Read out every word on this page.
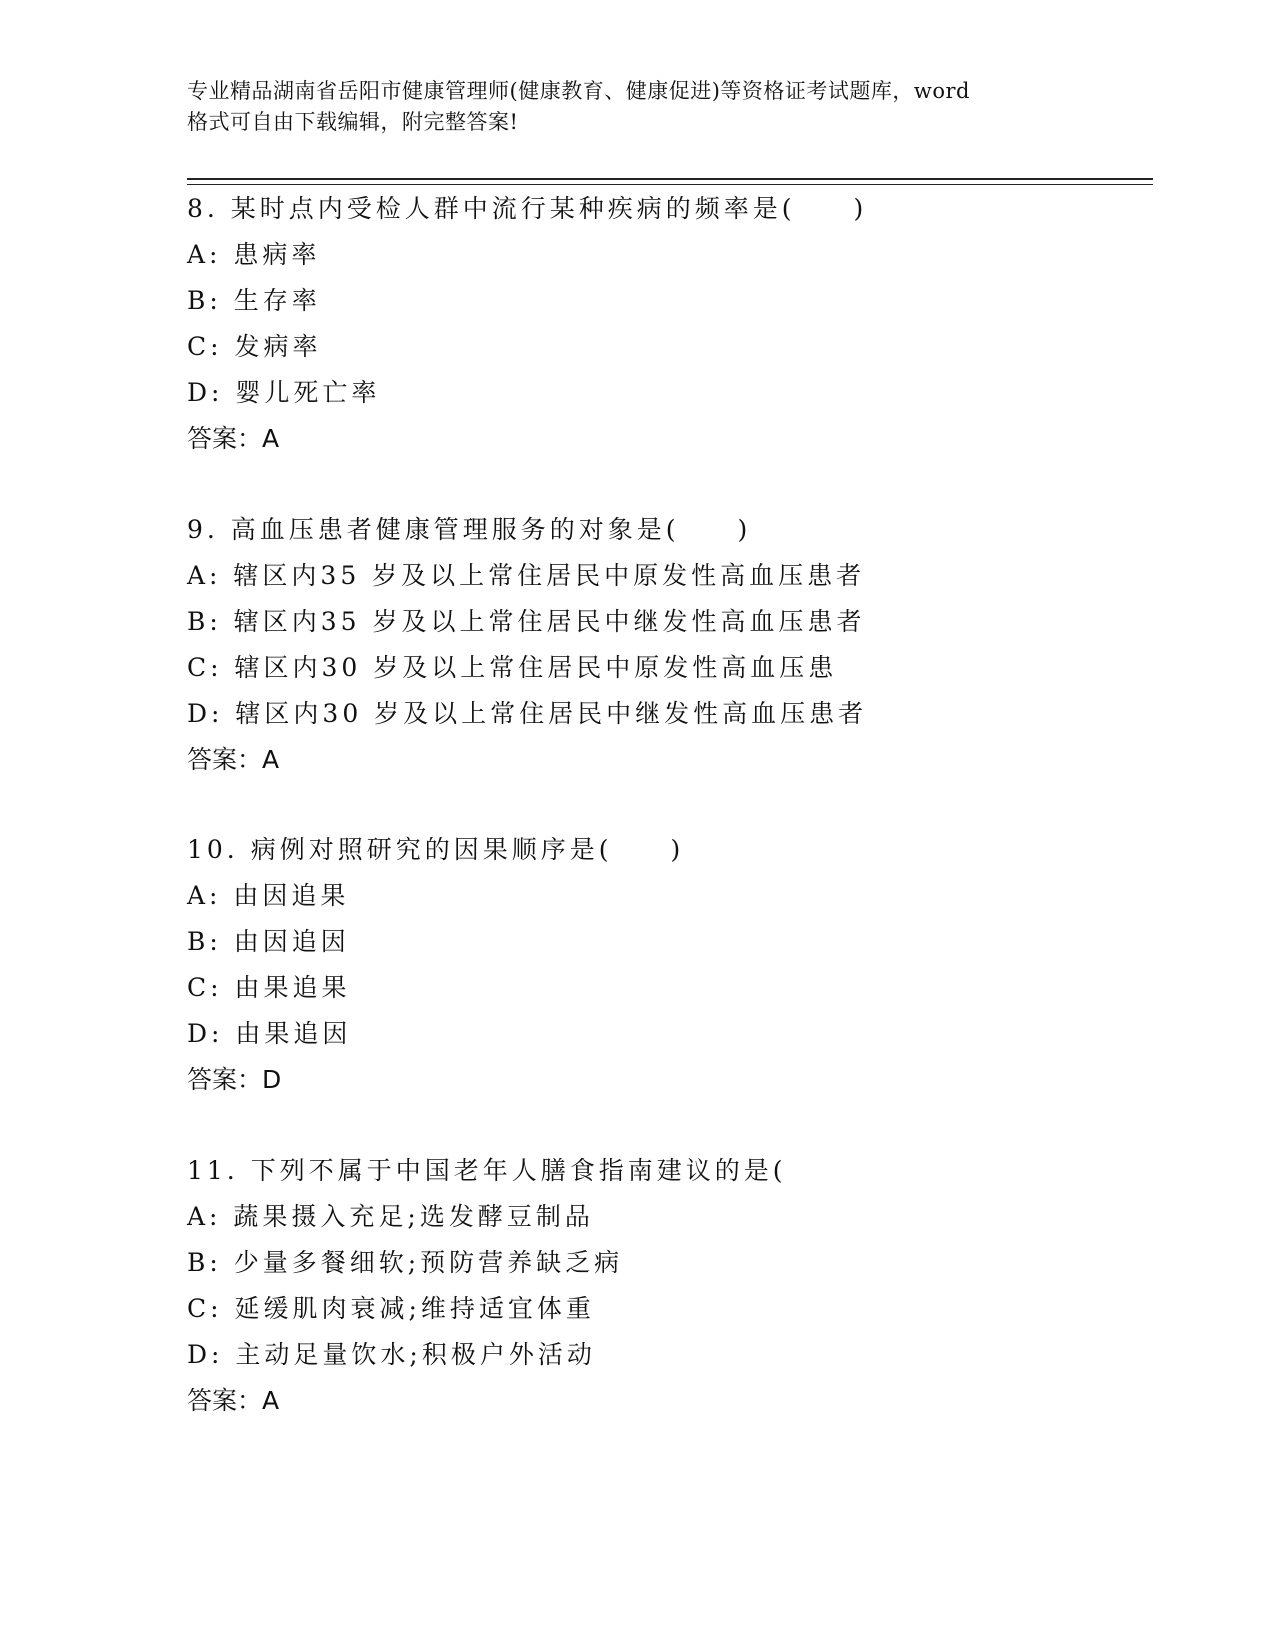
专业精品湖南省岳阳市健康管理师(健康教育、健康促进)等资格证考试题库，word
格式可自由下载编辑，附完整答案!
8. 某时点内受检人群中流行某种疾病的频率是(　　)
A: 患病率
B: 生存率
C: 发病率
D: 婴儿死亡率
答案：A
9. 高血压患者健康管理服务的对象是(　　)
A: 辖区内35 岁及以上常住居民中原发性高血压患者
B: 辖区内35 岁及以上常住居民中继发性高血压患者
C: 辖区内30 岁及以上常住居民中原发性高血压患
D: 辖区内30 岁及以上常住居民中继发性高血压患者
答案：A
10. 病例对照研究的因果顺序是(　　)
A: 由因追果
B: 由因追因
C: 由果追果
D: 由果追因
答案：D
11. 下列不属于中国老年人膳食指南建议的是(
A: 蔬果摄入充足;选发酵豆制品
B: 少量多餐细软;预防营养缺乏病
C: 延缓肌肉衰减;维持适宜体重
D: 主动足量饮水;积极户外活动
答案：A
